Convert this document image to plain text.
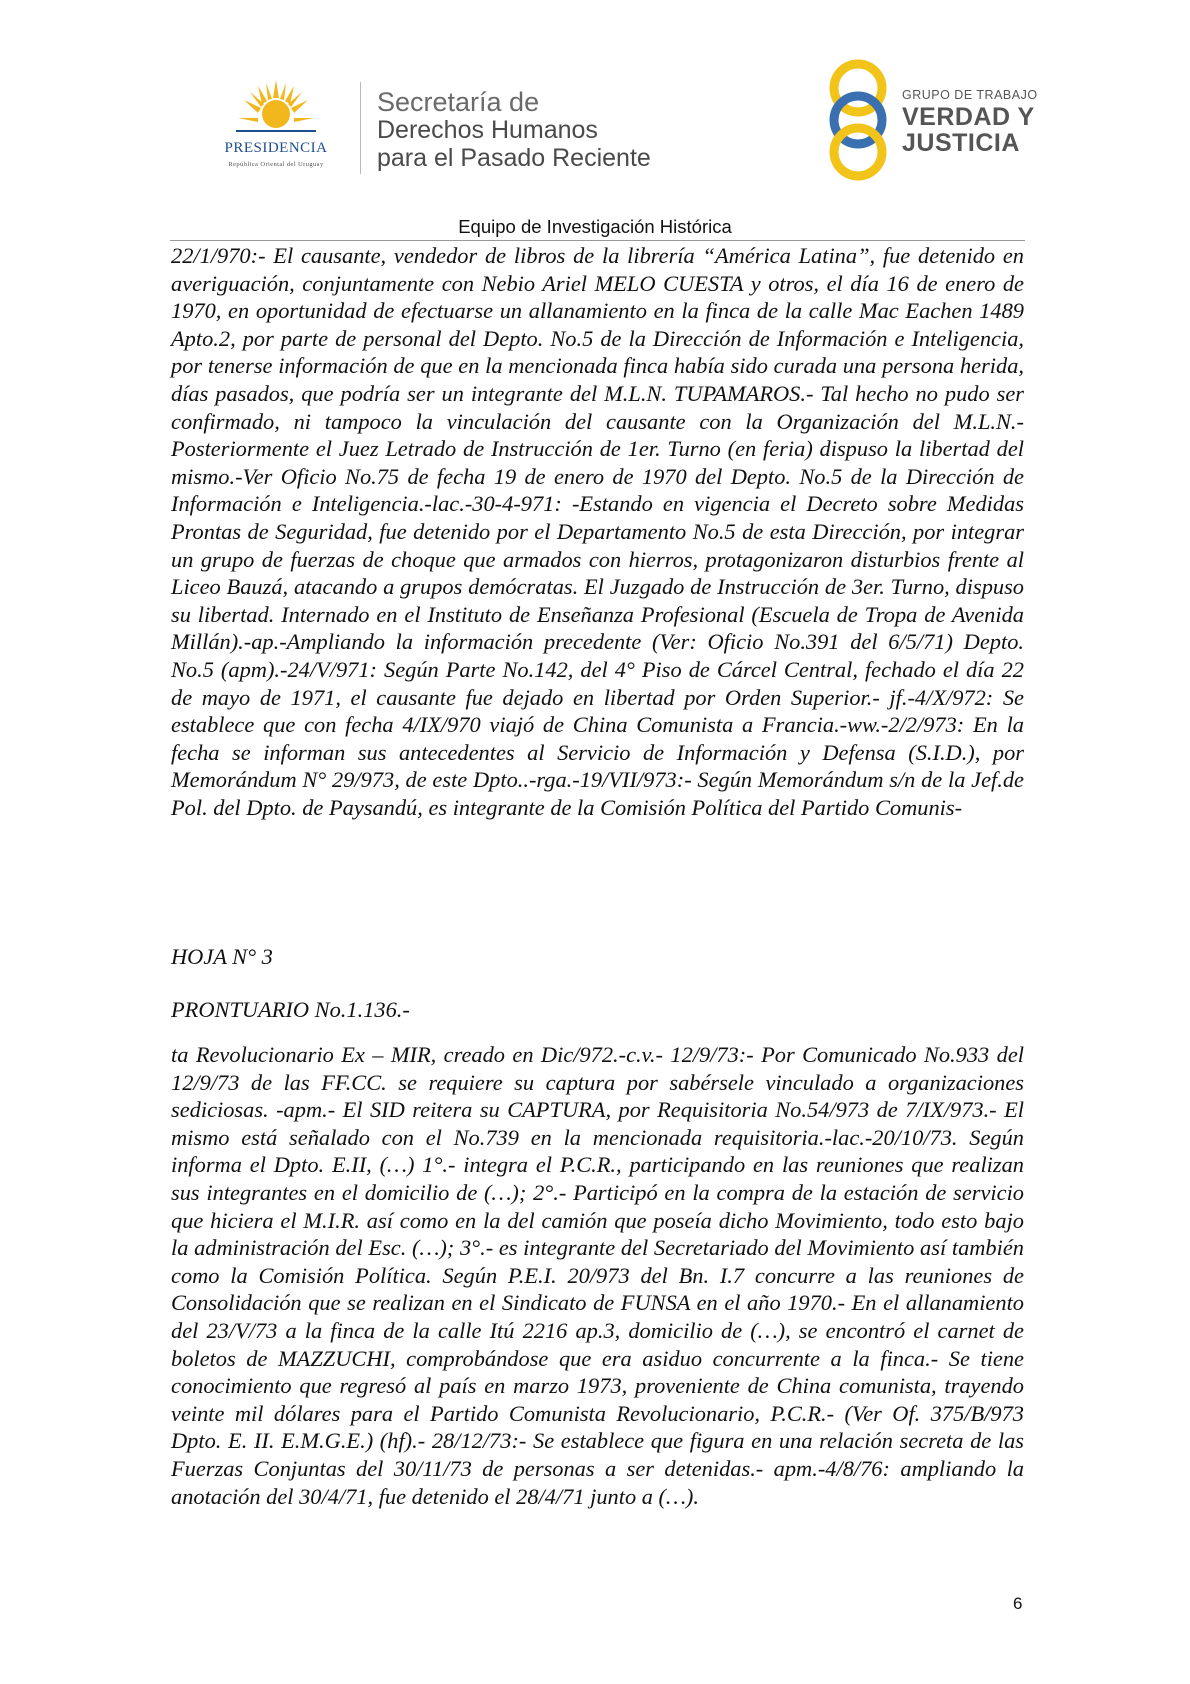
PRESIDENCIA
República Oriental del Uruguay
Secretaría de
Derechos Humanos
para el Pasado Reciente
GRUPO DE TRABAJO
VERDAD Y
JUSTICIA
Equipo de Investigación Histórica

22/1/970:- El causante, vendedor de libros de la librería “América Latina”, fue detenido en averiguación, conjuntamente con Nebio Ariel MELO CUESTA y otros, el día 16 de enero de 1970, en oportunidad de efectuarse un allanamiento en la finca de la calle Mac Eachen 1489 Apto.2, por parte de personal del Depto. No.5 de la Dirección de Información e Inteligencia, por tenerse información de que en la mencionada finca había sido curada una persona herida, días pasados, que podría ser un integrante del M.L.N. TUPAMAROS.- Tal hecho no pudo ser confirmado, ni tampoco la vinculación del causante con la Organización del M.L.N.-Posteriormente el Juez Letrado de Instrucción de 1er. Turno (en feria) dispuso la libertad del mismo.-Ver Oficio No.75 de fecha 19 de enero de 1970 del Depto. No.5 de la Dirección de Información e Inteligencia.-lac.-30-4-971: -Estando en vigencia el Decreto sobre Medidas Prontas de Seguridad, fue detenido por el Departamento No.5 de esta Dirección, por integrar un grupo de fuerzas de choque que armados con hierros, protagonizaron disturbios frente al Liceo Bauzá, atacando a grupos demócratas. El Juzgado de Instrucción de 3er. Turno, dispuso su libertad. Internado en el Instituto de Enseñanza Profesional (Escuela de Tropa de Avenida Millán).-ap.-Ampliando la información precedente (Ver: Oficio No.391 del 6/5/71) Depto. No.5 (apm).-24/V/971: Según Parte No.142, del 4° Piso de Cárcel Central, fechado el día 22 de mayo de 1971, el causante fue dejado en libertad por Orden Superior.- jf.-4/X/972: Se establece que con fecha 4/IX/970 viajó de China Comunista a Francia.-ww.-2/2/973: En la fecha se informan sus antecedentes al Servicio de Información y Defensa (S.I.D.), por Memorándum N° 29/973, de este Dpto..-rga.-19/VII/973:- Según Memorándum s/n de la Jef.de Pol. del Dpto. de Paysandú, es integrante de la Comisión Política del Partido Comunis-

HOJA N° 3
PRONTUARIO No.1.136.-

ta Revolucionario Ex – MIR, creado en Dic/972.-c.v.- 12/9/73:- Por Comunicado No.933 del 12/9/73 de las FF.CC. se requiere su captura por sabérsele vinculado a organizaciones sediciosas. -apm.- El SID reitera su CAPTURA, por Requisitoria No.54/973 de 7/IX/973.- El mismo está señalado con el No.739 en la mencionada requisitoria.-lac.-20/10/73. Según informa el Dpto. E.II, (…) 1°.- integra el P.C.R., participando en las reuniones que realizan sus integrantes en el domicilio de (…); 2°.- Participó en la compra de la estación de servicio que hiciera el M.I.R. así como en la del camión que poseía dicho Movimiento, todo esto bajo la administración del Esc. (…); 3°.- es integrante del Secretariado del Movimiento así también como la Comisión Política. Según P.E.I. 20/973 del Bn. I.7 concurre a las reuniones de Consolidación que se realizan en el Sindicato de FUNSA en el año 1970.- En el allanamiento del 23/V/73 a la finca de la calle Itú 2216 ap.3, domicilio de (…), se encontró el carnet de boletos de MAZZUCHI, comprobándose que era asiduo concurrente a la finca.- Se tiene conocimiento que regresó al país en marzo 1973, proveniente de China comunista, trayendo veinte mil dólares para el Partido Comunista Revolucionario, P.C.R.- (Ver Of. 375/B/973 Dpto. E. II. E.M.G.E.) (hf).- 28/12/73:- Se establece que figura en una relación secreta de las Fuerzas Conjuntas del 30/11/73 de personas a ser detenidas.- apm.-4/8/76: ampliando la anotación del 30/4/71, fue detenido el 28/4/71 junto a (…).

6
